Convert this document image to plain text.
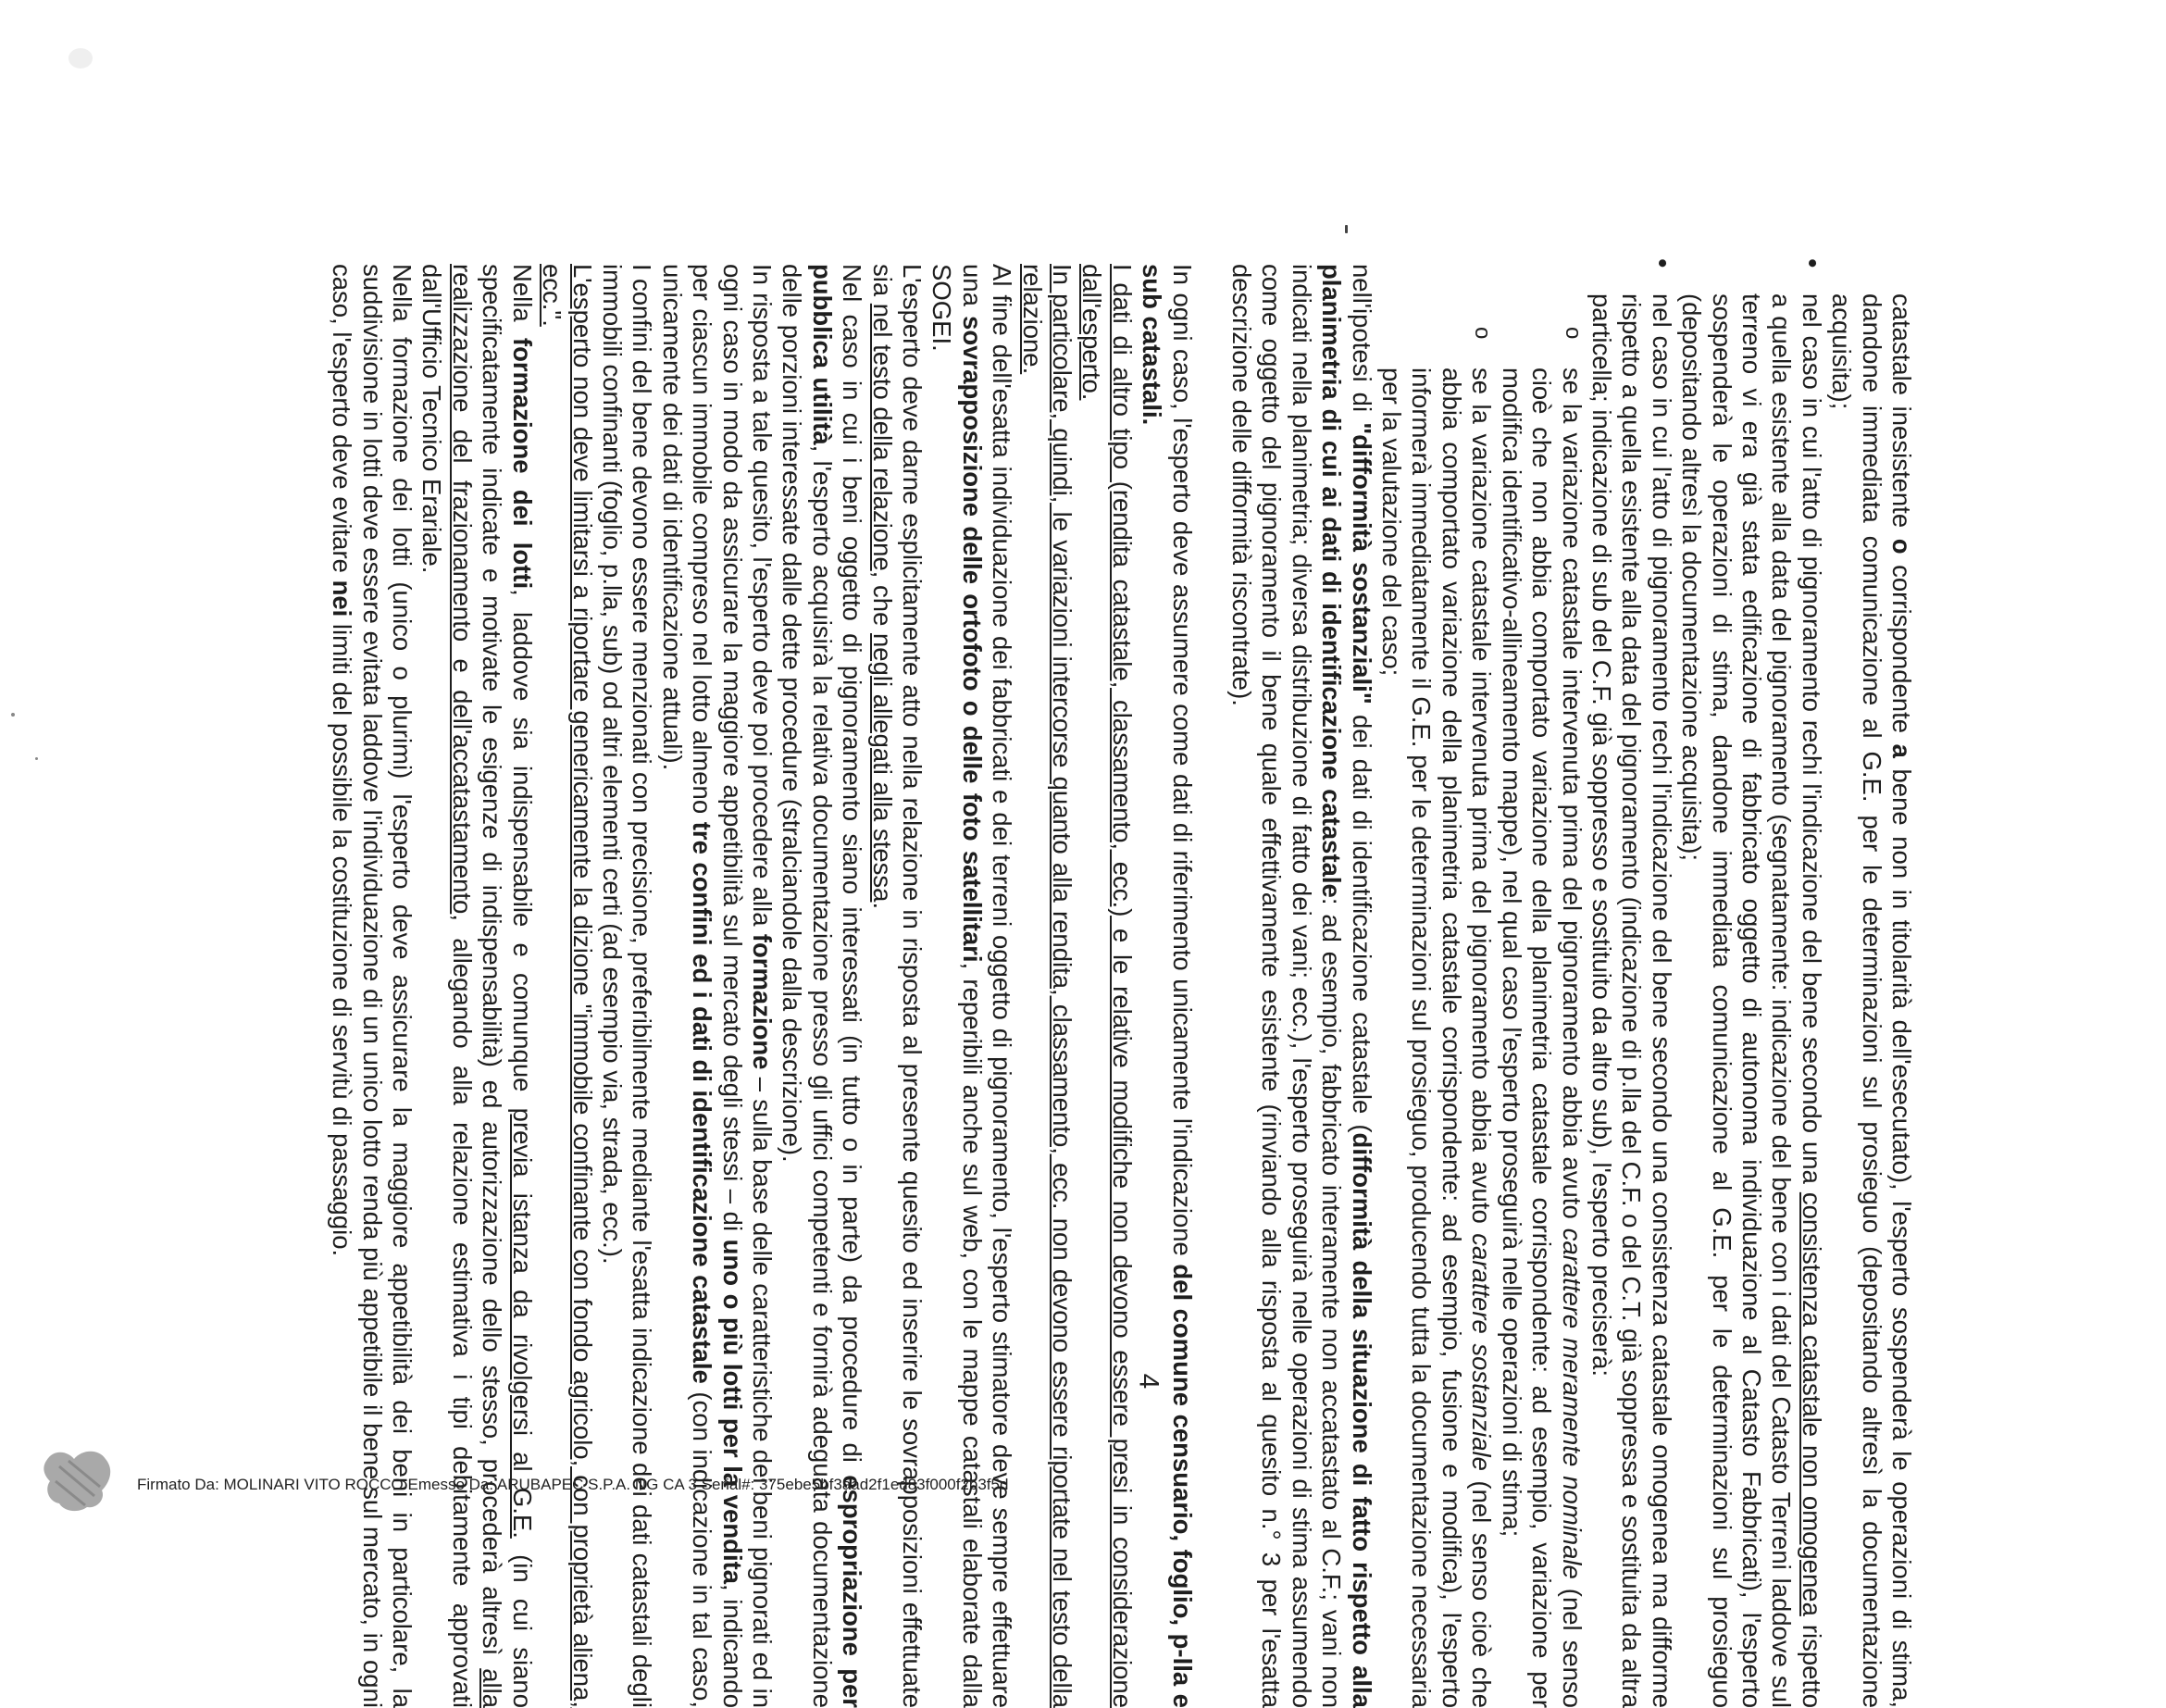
catastale inesistente o corrispondente a bene non in titolarità dell'esecutato), l'esperto sospenderà le operazioni di stima, dandone immediata comunicazione al G.E. per le determinazioni sul prosieguo (depositando altresì la documentazione acquisita);

• nel caso in cui l'atto di pignoramento rechi l'indicazione del bene secondo una consistenza catastale non omogenea rispetto a quella esistente alla data del pignoramento (segnatamente: indicazione del bene con i dati del Catasto Terreni laddove sul terreno vi era già stata edificazione di fabbricato oggetto di autonoma individuazione al Catasto Fabbricati), l'esperto sospenderà le operazioni di stima, dandone immediata comunicazione al G.E. per le determinazioni sul prosieguo (depositando altresì la documentazione acquisita);

• nel caso in cui l'atto di pignoramento rechi l'indicazione del bene secondo una consistenza catastale omogenea ma difforme rispetto a quella esistente alla data del pignoramento (indicazione di p.lla del C.F. o del C.T. già soppressa e sostituita da altra particella; indicazione di sub del C.F. già soppresso e sostituito da altro sub), l'esperto preciserà:

o se la variazione catastale intervenuta prima del pignoramento abbia avuto carattere meramente nominale (nel senso cioè che non abbia comportato variazione della planimetria catastale corrispondente: ad esempio, variazione per modifica identificativo-allineamento mappe), nel qual caso l'esperto proseguirà nelle operazioni di stima;

o se la variazione catastale intervenuta prima del pignoramento abbia avuto carattere sostanziale (nel senso cioè che abbia comportato variazione della planimetria catastale corrispondente: ad esempio, fusione e modifica), l'esperto informerà immediatamente il G.E. per le determinazioni sul prosieguo, producendo tutta la documentazione necessaria per la valutazione del caso;

nell'ipotesi di "difformità sostanziali" dei dati di identificazione catastale (difformità della situazione di fatto rispetto alla planimetria di cui ai dati di identificazione catastale: ad esempio, fabbricato interamente non accatastato al C.F.; vani non indicati nella planimetria; diversa distribuzione di fatto dei vani; ecc.), l'esperto proseguirà nelle operazioni di stima assumendo come oggetto del pignoramento il bene quale effettivamente esistente (rinviando alla risposta al quesito n.° 3 per l'esatta descrizione delle difformità riscontrate).

In ogni caso, l'esperto deve assumere come dati di riferimento unicamente l'indicazione del comune censuario, foglio, p-lla e sub catastali.

I dati di altro tipo (rendita catastale, classamento, ecc.) e le relative modifiche non devono essere presi in considerazione dall'esperto.

In particolare, quindi, le variazioni intercorse quanto alla rendita, classamento, ecc. non devono essere riportate nel testo della relazione.

Al fine dell'esatta individuazione dei fabbricati e dei terreni oggetto di pignoramento, l'esperto stimatore deve sempre effettuare una sovrapposizione delle ortofoto o delle foto satellitari, reperibili anche sul web, con le mappe catastali elaborate dalla SOGEI.

L'esperto deve darne esplicitamente atto nella relazione in risposta al presente quesito ed inserire le sovrapposizioni effettuate sia nel testo della relazione, che negli allegati alla stessa.

Nel caso in cui i beni oggetto di pignoramento siano interessati (in tutto o in parte) da procedure di espropriazione per pubblica utilità, l'esperto acquisirà la relativa documentazione presso gli uffici competenti e fornirà adeguata documentazione delle porzioni interessate dalle dette procedure (stralciandole dalla descrizione).

In risposta a tale quesito, l'esperto deve poi procedere alla formazione – sulla base delle caratteristiche dei beni pignorati ed in ogni caso in modo da assicurare la maggiore appetibilità sul mercato degli stessi – di uno o più lotti per la vendita, indicando per ciascun immobile compreso nel lotto almeno tre confini ed i dati di identificazione catastale (con indicazione in tal caso, unicamente dei dati di identificazione attuali).

I confini del bene devono essere menzionati con precisione, preferibilmente mediante l'esatta indicazione dei dati catastali degli immobili confinanti (foglio, p.lla, sub) od altri elementi certi (ad esempio via, strada, ecc.).

L'esperto non deve limitarsi a riportare genericamente la dizione "immobile confinante con fondo agricolo, con proprietà aliena, ecc.".

Nella formazione dei lotti, laddove sia indispensabile e comunque previa istanza da rivolgersi al G.E. (in cui siano specificatamente indicate e motivate le esigenze di indispensabilità) ed autorizzazione dello stesso, procederà altresì alla realizzazione del frazionamento e dell'accatastamento, allegando alla relazione estimativa i tipi debitamente approvati dall'Ufficio Tecnico Erariale.

Nella formazione dei lotti (unico o plurimi) l'esperto deve assicurare la maggiore appetibilità dei beni in particolare, la suddivisione in lotti deve essere evitata laddove l'individuazione di un unico lotto renda più appetibile il bene sul mercato, in ogni caso, l'esperto deve evitare nei limiti del possibile la costituzione di servitù di passaggio.

4
Firmato Da: MOLINARI VITO ROCCO Emesso Da: ARUBAPEC S.P.A. NG CA 3 Serial#: 375ebe5bf3aad2f1ed83f000f2b3f5d
